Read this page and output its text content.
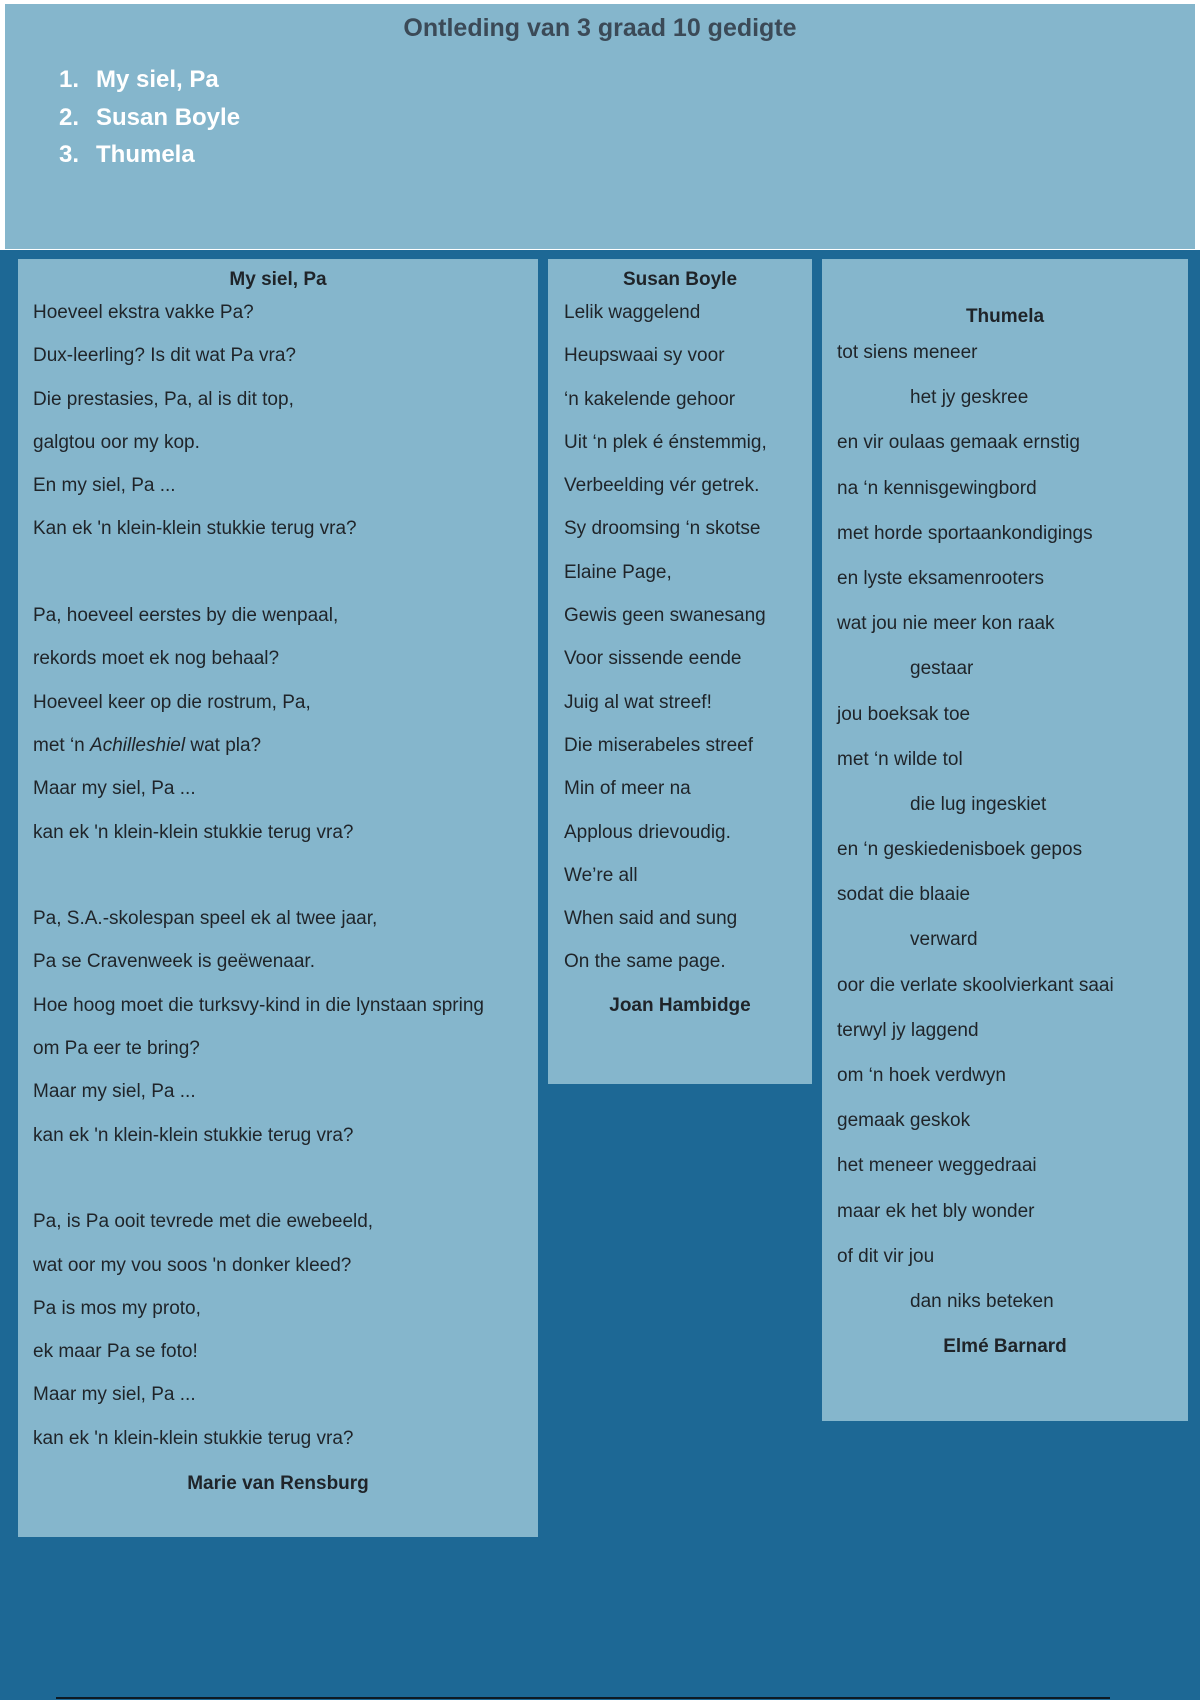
Ontleding van 3 graad 10 gedigte
1. My siel, Pa
2. Susan Boyle
3. Thumela
My siel, Pa
Hoeveel ekstra vakke Pa?
Dux-leerling? Is dit wat Pa vra?
Die prestasies, Pa, al is dit top,
galgtou oor my kop.
En my siel, Pa ...
Kan ek 'n klein-klein stukkie terug vra?
Pa, hoeveel eerstes by die wenpaal,
rekords moet ek nog behaal?
Hoeveel keer op die rostrum, Pa,
met ‘n Achilleshiel wat pla?
Maar my siel, Pa ...
kan ek 'n klein-klein stukkie terug vra?
Pa, S.A.-skolespan speel ek al twee jaar,
Pa se Cravenweek is geëwenaar.
Hoe hoog moet die turksvy-kind in die lynstaan spring
om Pa eer te bring?
Maar my siel, Pa ...
kan ek 'n klein-klein stukkie terug vra?
Pa, is Pa ooit tevrede met die ewebeeld,
wat oor my vou soos 'n donker kleed?
Pa is mos my proto,
ek maar Pa se foto!
Maar my siel, Pa ...
kan ek 'n klein-klein stukkie terug vra?
Marie van Rensburg
Susan Boyle
Lelik waggelend
Heupswaai sy voor
‘n kakelende gehoor
Uit ‘n plek é énstemmig,
Verbeelding vér getrek.
Sy droomsing ‘n skotse
Elaine Page,
Gewis geen swanesang
Voor sissende eende
Juig al wat streef!
Die miserabeles streef
Min of meer na
Applous drievoudig.
We’re all
When said and sung
On the same page.
Joan Hambidge
Thumela
tot siens meneer
het jy geskree
en vir oulaas gemaak ernstig
na ‘n kennisgewingbord
met horde sportaankondigings
en lyste eksamenrooters
wat jou nie meer kon raak
gestaar
jou boeksak toe
met ‘n wilde tol
die lug ingeskiet
en ‘n geskiedenisboek gepos
sodat die blaaie
verward
oor die verlate skoolvierkant saai
terwyl jy laggend
om ‘n hoek verdwyn
gemaak geskok
het meneer weggedraai
maar ek het bly wonder
of dit vir jou
dan niks beteken
Elmé Barnard
